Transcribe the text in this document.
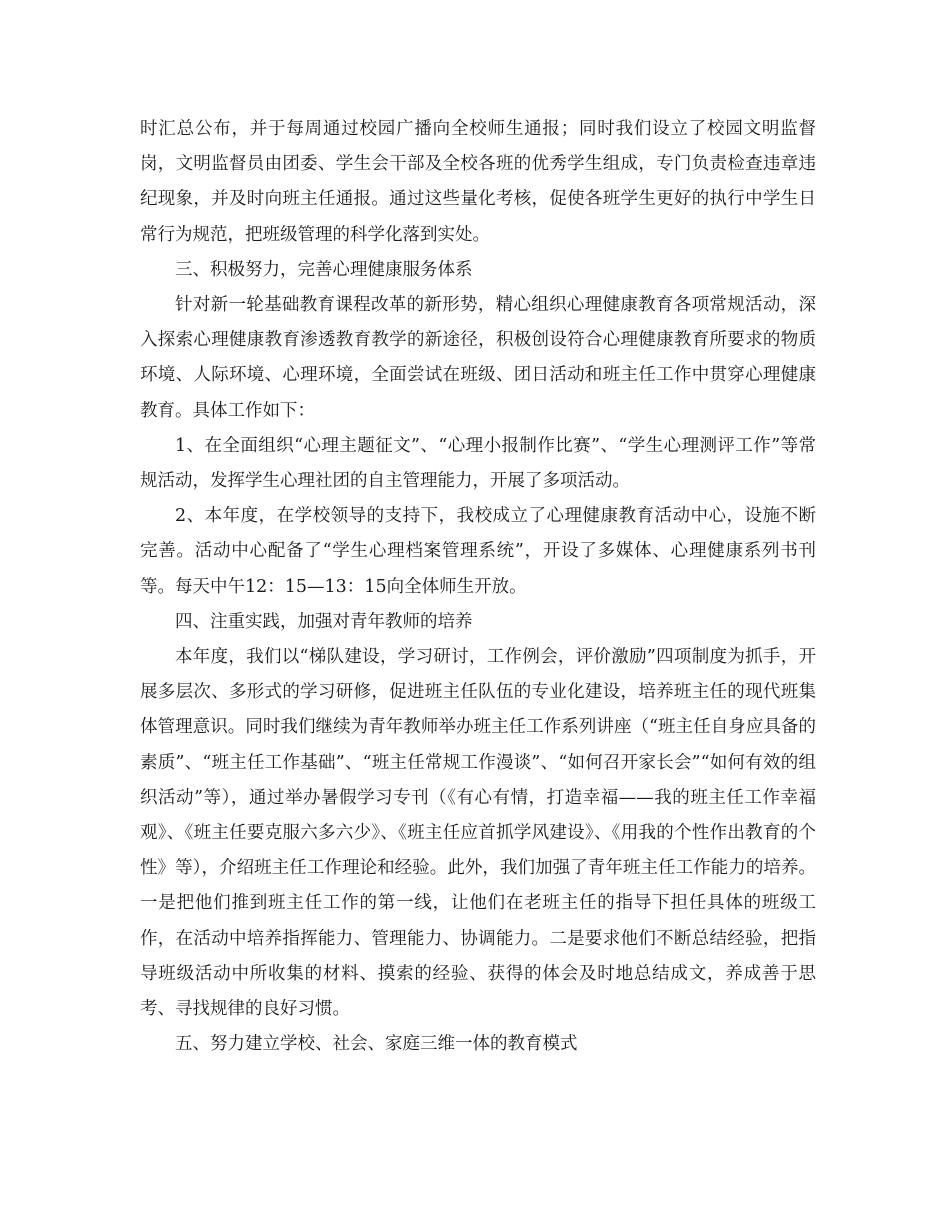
时汇总公布，并于每周通过校园广播向全校师生通报；同时我们设立了校园文明监督岗，文明监督员由团委、学生会干部及全校各班的优秀学生组成，专门负责检查违章违纪现象，并及时向班主任通报。通过这些量化考核，促使各班学生更好的执行中学生日常行为规范，把班级管理的科学化落到实处。

三、积极努力，完善心理健康服务体系

针对新一轮基础教育课程改革的新形势，精心组织心理健康教育各项常规活动，深入探索心理健康教育渗透教育教学的新途径，积极创设符合心理健康教育所要求的物质环境、人际环境、心理环境，全面尝试在班级、团日活动和班主任工作中贯穿心理健康教育。具体工作如下：

1、在全面组织“心理主题征文”、“心理小报制作比赛”、“学生心理测评工作”等常规活动，发挥学生心理社团的自主管理能力，开展了多项活动。

2、本年度，在学校领导的支持下，我校成立了心理健康教育活动中心，设施不断完善。活动中心配备了“学生心理档案管理系统”，开设了多媒体、心理健康系列书刊等。每天中午12：15—13：15向全体师生开放。

四、注重实践，加强对青年教师的培养

本年度，我们以“梯队建设，学习研讨，工作例会，评价激励”四项制度为抓手，开展多层次、多形式的学习研修，促进班主任队伍的专业化建设，培养班主任的现代班集体管理意识。同时我们继续为青年教师举办班主任工作系列讲座（“班主任自身应具备的素质”、“班主任工作基础”、“班主任常规工作漫谈”、“如何召开家长会”“如何有效的组织活动”等），通过举办暑假学习专刊（《有心有情，打造幸福——我的班主任工作幸福观》、《班主任要克服六多六少》、《班主任应首抓学风建设》、《用我的个性作出教育的个性》等），介绍班主任工作理论和经验。此外，我们加强了青年班主任工作能力的培养。一是把他们推到班主任工作的第一线，让他们在老班主任的指导下担任具体的班级工作，在活动中培养指挥能力、管理能力、协调能力。二是要求他们不断总结经验，把指导班级活动中所收集的材料、摸索的经验、获得的体会及时地总结成文，养成善于思考、寻找规律的良好习惯。

五、努力建立学校、社会、家庭三维一体的教育模式
